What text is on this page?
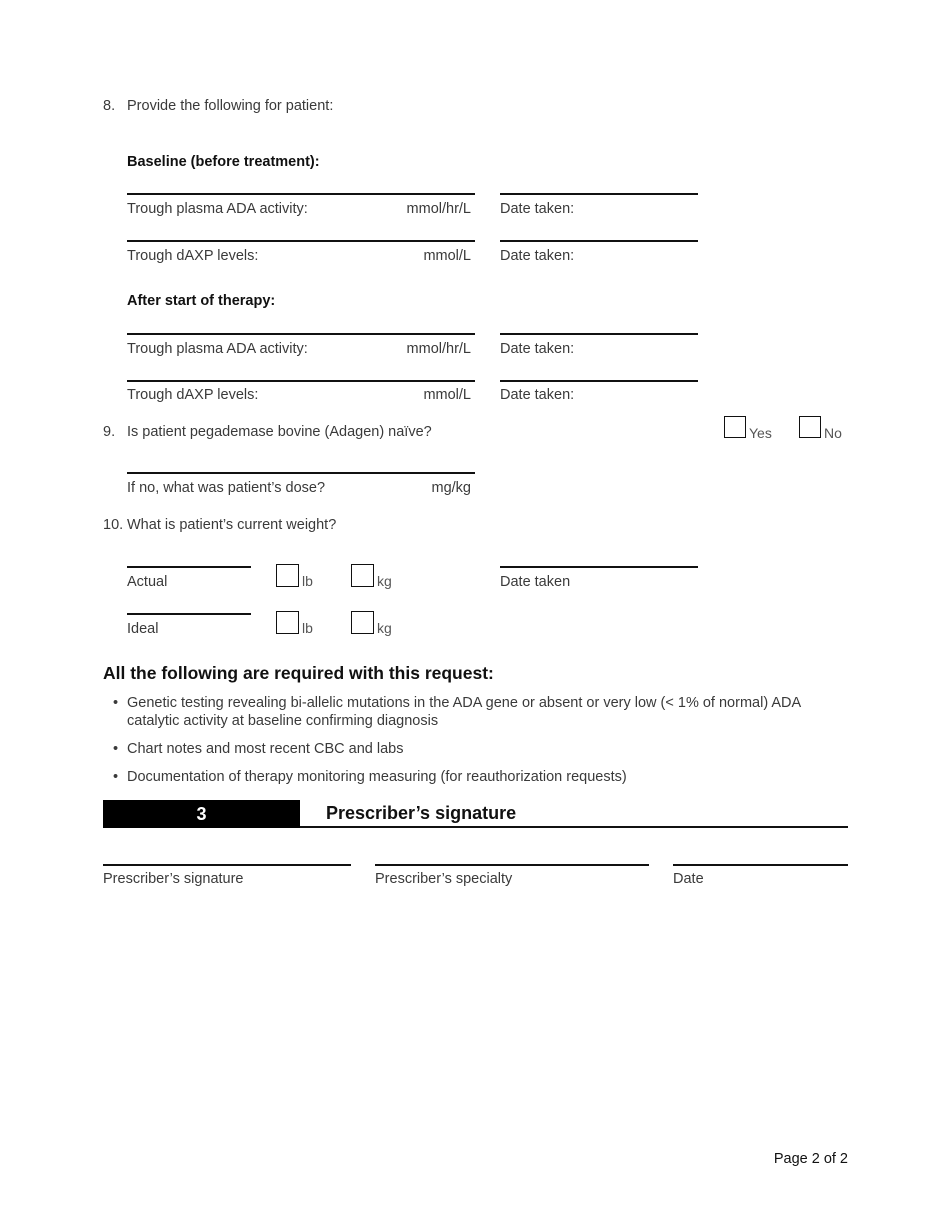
8. Provide the following for patient:
Baseline (before treatment):
Trough plasma ADA activity:	mmol/hr/L Date taken:
Trough dAXP levels:	mmol/L Date taken:
After start of therapy:
Trough plasma ADA activity:	mmol/hr/L Date taken:
Trough dAXP levels:	mmol/L Date taken:
9. Is patient pegademase bovine (Adagen) naïve?	Yes	No
If no, what was patient’s dose?	mg/kg
10. What is patient’s current weight?
Actual	lb	kg	Date taken
Ideal	lb	kg
All the following are required with this request:
• Genetic testing revealing bi-allelic mutations in the ADA gene or absent or very low (< 1% of normal) ADA catalytic activity at baseline confirming diagnosis
• Chart notes and most recent CBC and labs
• Documentation of therapy monitoring measuring (for reauthorization requests)
3	Prescriber’s signature
Prescriber’s signature	Prescriber’s specialty	Date
Page 2 of 2
